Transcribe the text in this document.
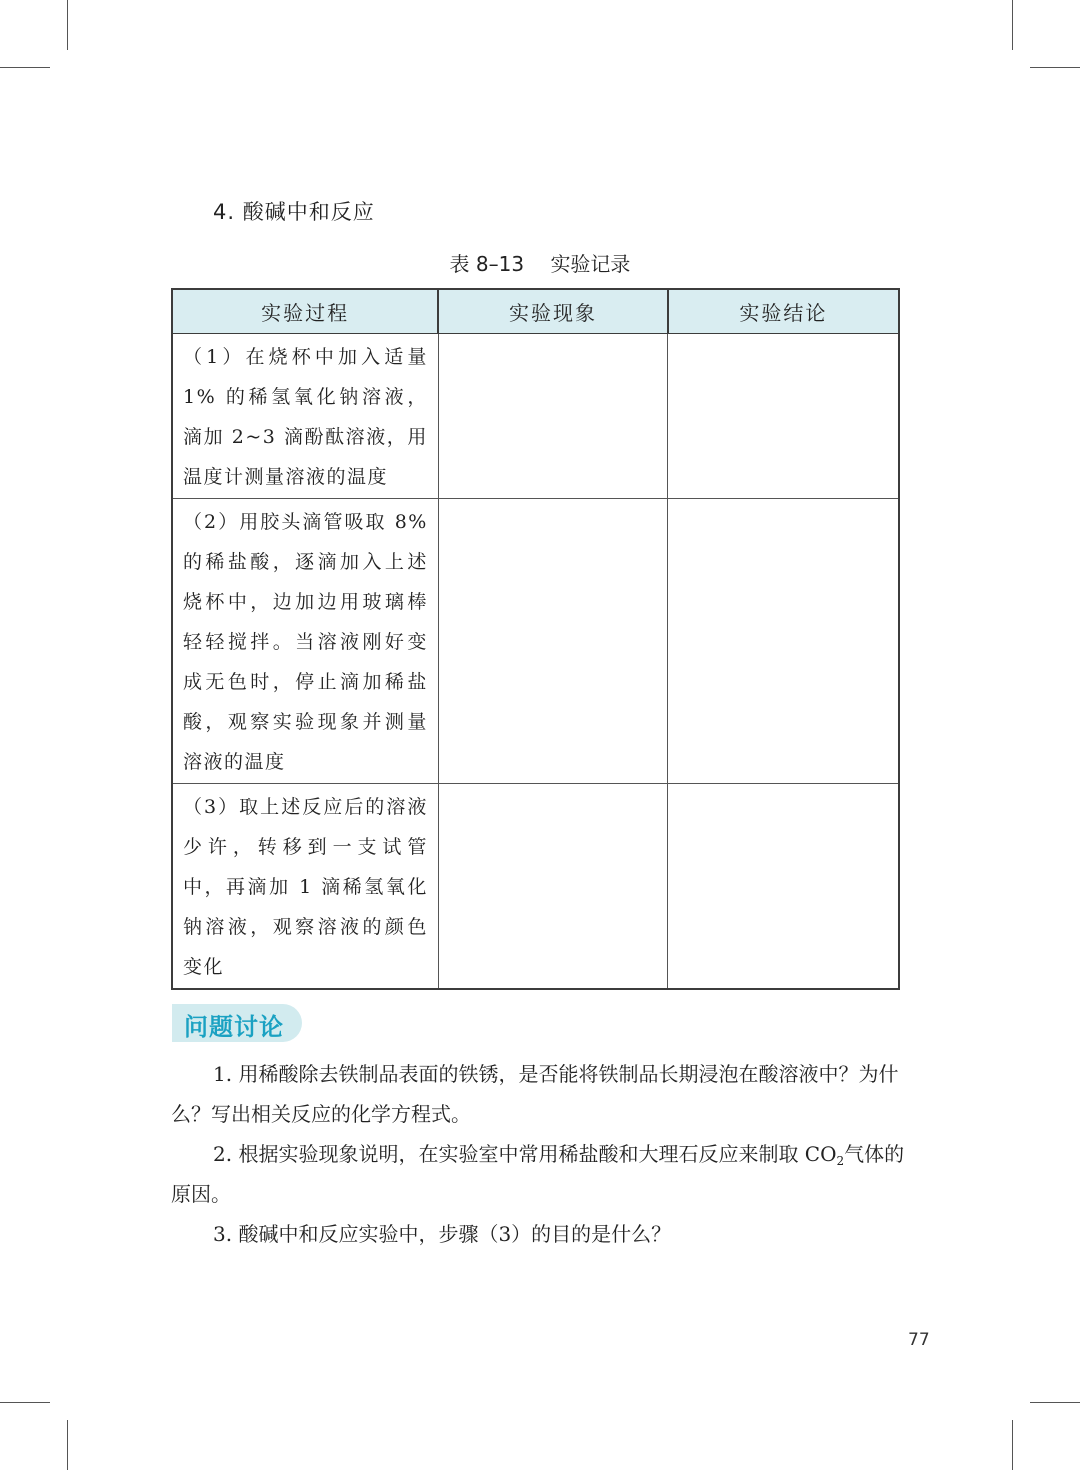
4. 酸碱中和反应
表 8–13 实验记录
实验过程	实验现象	实验结论

（1）在烧杯中加入适量1% 的稀氢氧化钠溶液，滴加 2~3 滴酚酞溶液，用温度计测量溶液的温度		

（2）用胶头滴管吸取 8%的稀盐酸，逐滴加入上述烧杯中，边加边用玻璃棒轻轻搅拌。当溶液刚好变成无色时，停止滴加稀盐酸，观察实验现象并测量溶液的温度		

（3）取上述反应后的溶液少许，转移到一支试管中，再滴加 1 滴稀氢氧化钠溶液，观察溶液的颜色变化		

问题讨论

1. 用稀酸除去铁制品表面的铁锈，是否能将铁制品长期浸泡在酸溶液中？为什么？写出相关反应的化学方程式。

2. 根据实验现象说明，在实验室中常用稀盐酸和大理石反应来制取 $CO_2$气体的原因。

3. 酸碱中和反应实验中，步骤（3）的目的是什么？

77
